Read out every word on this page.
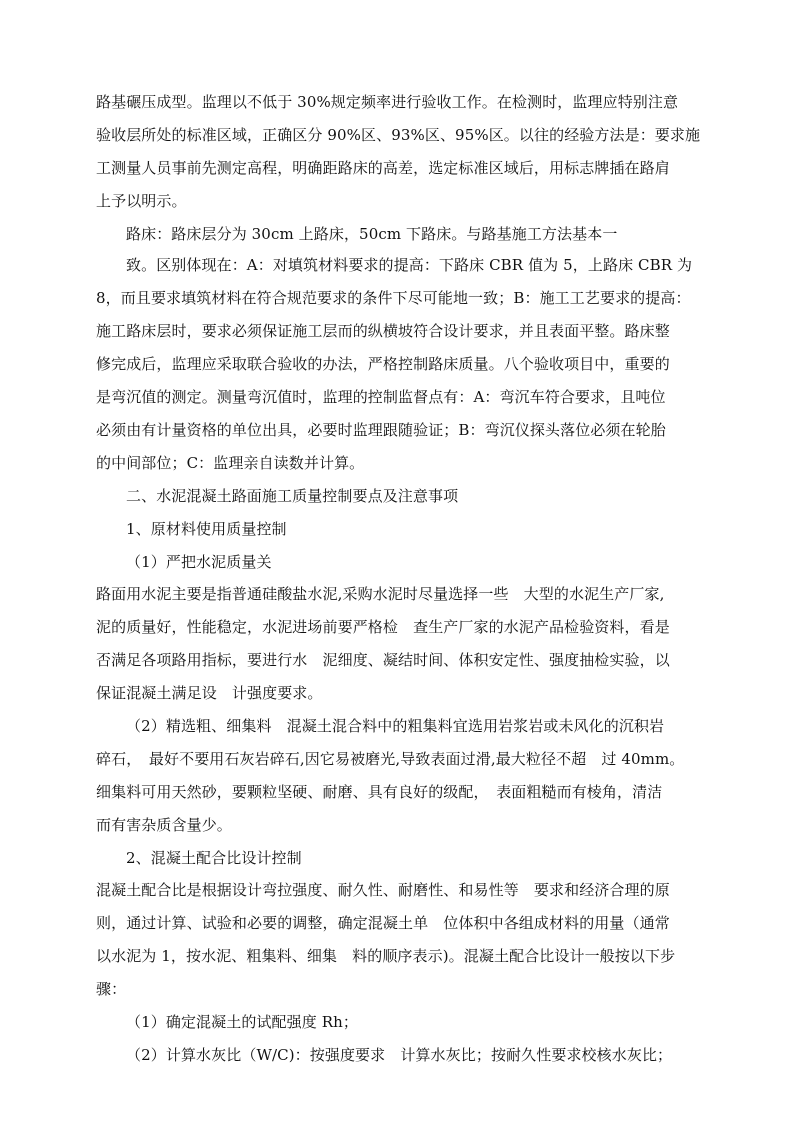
路基碾压成型。监理以不低于 30%规定频率进行验收工作。在检测时，监理应特别注意
验收层所处的标准区域，正确区分 90%区、93%区、95%区。以往的经验方法是：要求施
工测量人员事前先测定高程，明确距路床的高差，选定标准区域后，用标志牌插在路肩
上予以明示。
路床：路床层分为 30cm 上路床，50cm 下路床。与路基施工方法基本一
致。区别体现在：A：对填筑材料要求的提高：下路床 CBR 值为 5，上路床 CBR 为
8，而且要求填筑材料在符合规范要求的条件下尽可能地一致；B：施工工艺要求的提高：
施工路床层时，要求必须保证施工层而的纵横坡符合设计要求，并且表面平整。路床整
修完成后，监理应采取联合验收的办法，严格控制路床质量。八个验收项目中，重要的
是弯沉值的测定。测量弯沉值时，监理的控制监督点有：A：弯沉车符合要求，且吨位
必须由有计量资格的单位出具，必要时监理跟随验证；B：弯沉仪探头落位必须在轮胎
的中间部位；C：监理亲自读数并计算。
二、水泥混凝土路面施工质量控制要点及注意事项
1、原材料使用质量控制
（1）严把水泥质量关
路面用水泥主要是指普通硅酸盐水泥,采购水泥时尽量选择一些　大型的水泥生产厂家,
泥的质量好，性能稳定，水泥进场前要严格检　查生产厂家的水泥产品检验资料，看是
否满足各项路用指标，要进行水　泥细度、凝结时间、体积安定性、强度抽检实验，以
保证混凝土满足设　计强度要求。
（2）精选粗、细集料　混凝土混合料中的粗集料宜选用岩浆岩或未风化的沉积岩
碎石，　最好不要用石灰岩碎石,因它易被磨光,导致表面过滑,最大粒径不超　过 40mm。
细集料可用天然砂，要颗粒坚硬、耐磨、具有良好的级配，　表面粗糙而有棱角，清洁
而有害杂质含量少。
2、混凝土配合比设计控制
混凝土配合比是根据设计弯拉强度、耐久性、耐磨性、和易性等　要求和经济合理的原
则，通过计算、试验和必要的调整，确定混凝土单　位体积中各组成材料的用量（通常
以水泥为 1，按水泥、粗集料、细集　料的顺序表示)。混凝土配合比设计一般按以下步
骤：
（1）确定混凝土的试配强度 Rh；
（2）计算水灰比（W/C)：按强度要求　计算水灰比；按耐久性要求校核水灰比；
